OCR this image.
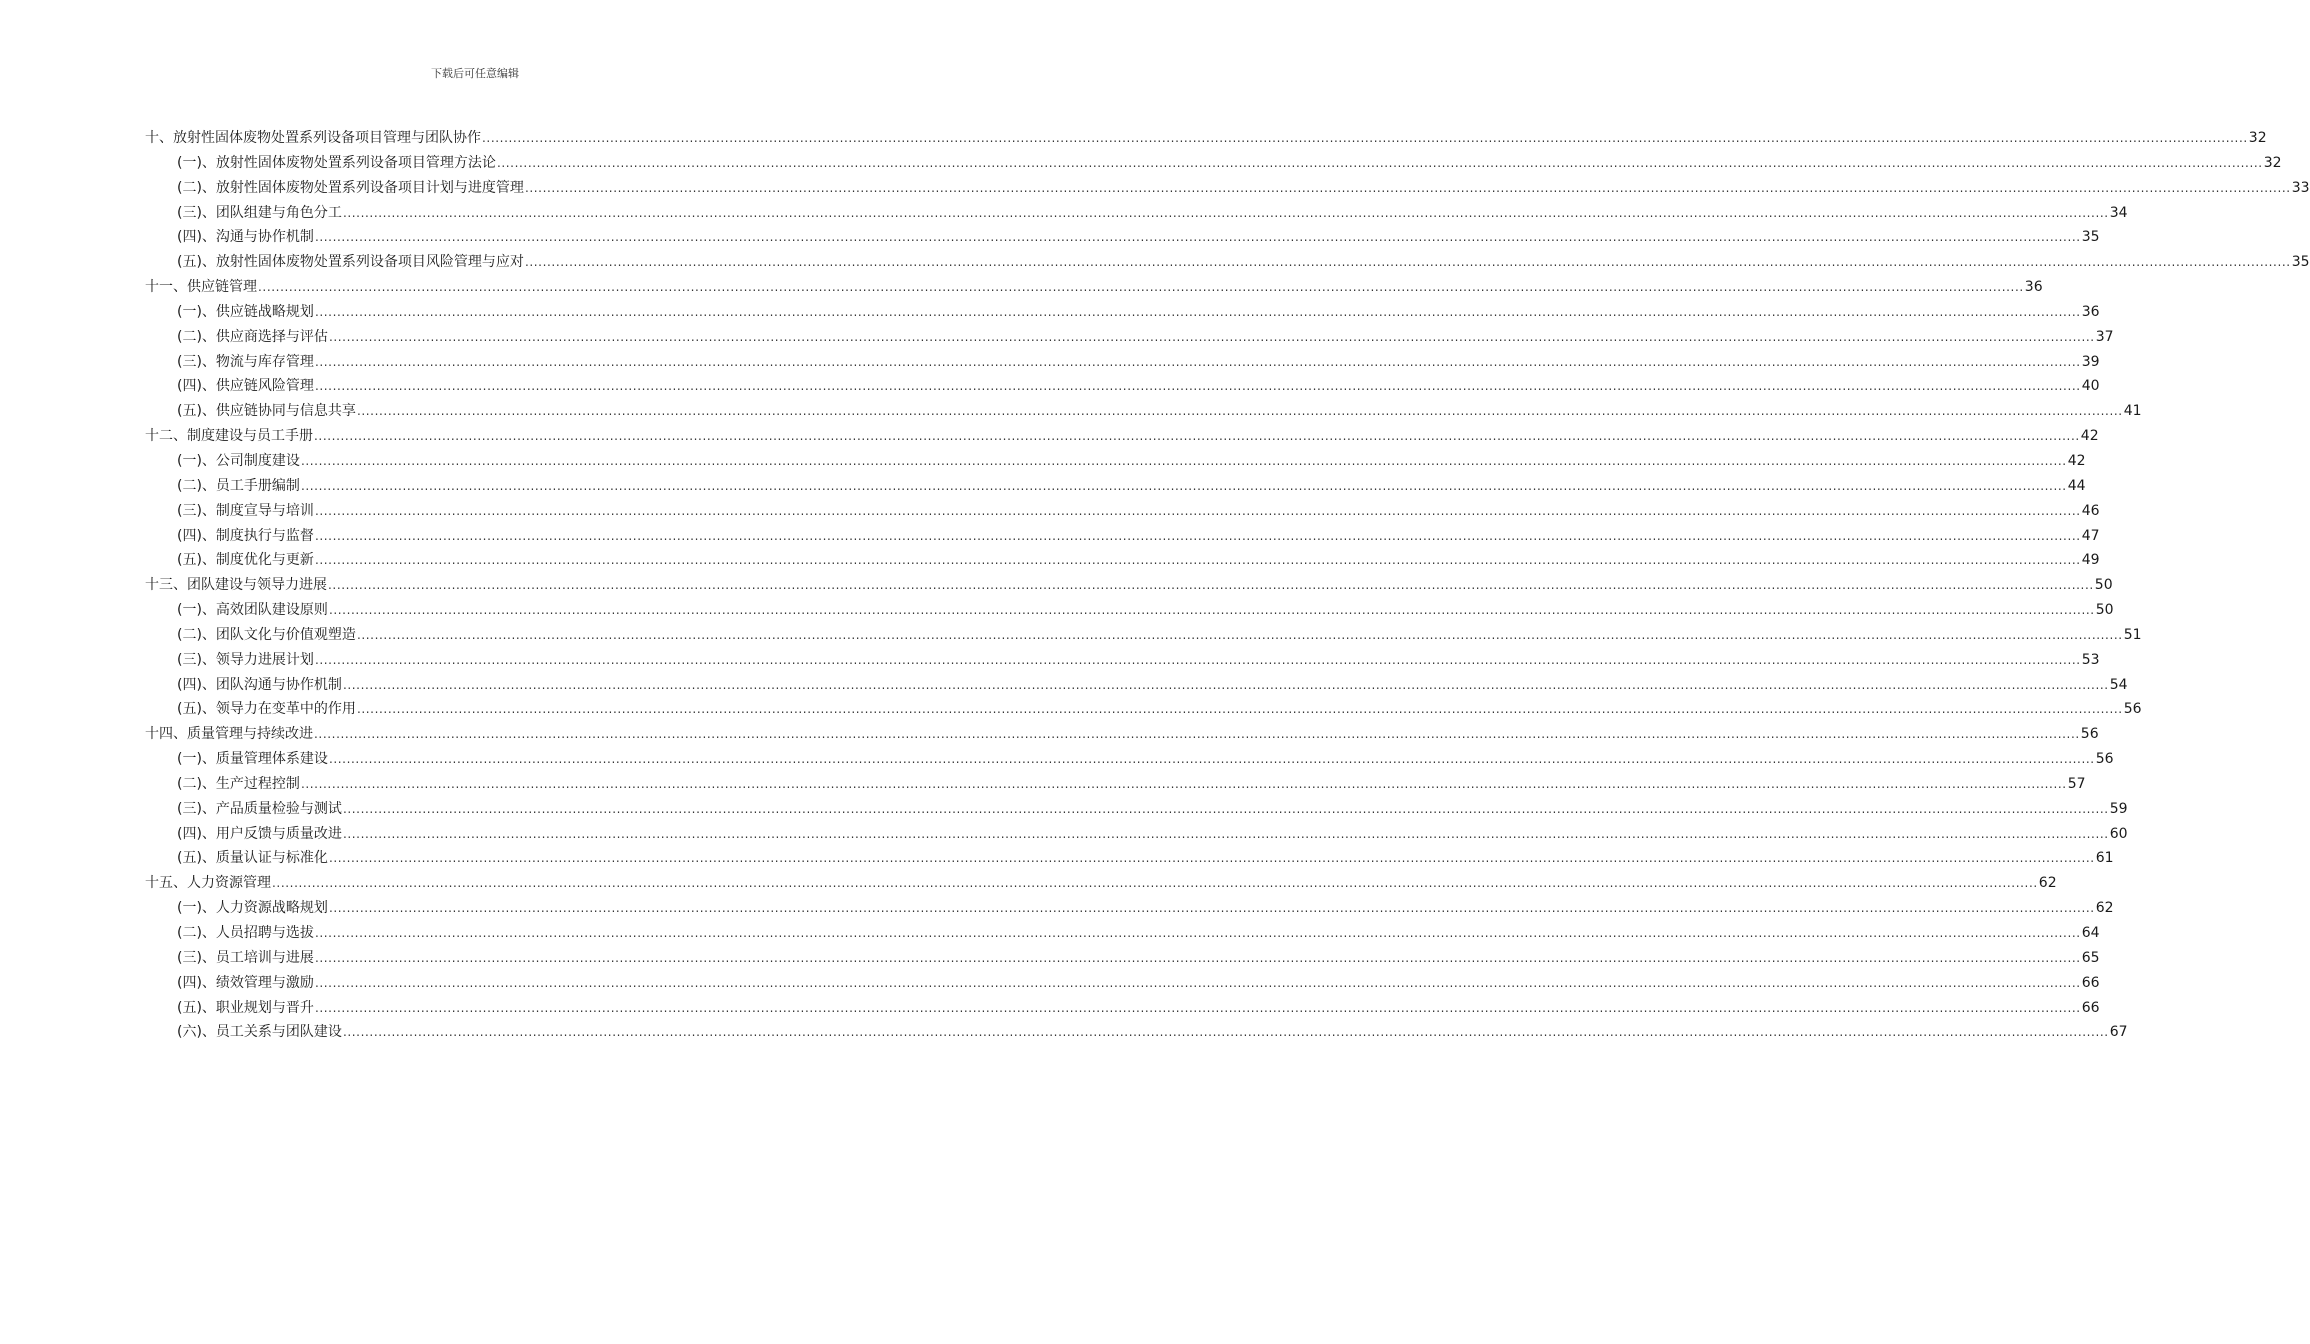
下载后可任意编辑
十、放射性固体废物处置系列设备项目管理与团队协作 ................................................................................................................................................................................................................................................................................................................................................................................................................ 32
(一)、放射性固体废物处置系列设备项目管理方法论 ................................................................................................................................................................................................................................................................................................................................................................................................................ 32
(二)、放射性固体废物处置系列设备项目计划与进度管理 ................................................................................................................................................................................................................................................................................................................................................................................................................ 33
(三)、团队组建与角色分工 ................................................................................................................................................................................................................................................................................................................................................................................................................ 34
(四)、沟通与协作机制 ................................................................................................................................................................................................................................................................................................................................................................................................................ 35
(五)、放射性固体废物处置系列设备项目风险管理与应对 ................................................................................................................................................................................................................................................................................................................................................................................................................ 35
十一、供应链管理 ................................................................................................................................................................................................................................................................................................................................................................................................................ 36
(一)、供应链战略规划 ................................................................................................................................................................................................................................................................................................................................................................................................................ 36
(二)、供应商选择与评估 ................................................................................................................................................................................................................................................................................................................................................................................................................ 37
(三)、物流与库存管理 ................................................................................................................................................................................................................................................................................................................................................................................................................ 39
(四)、供应链风险管理 ................................................................................................................................................................................................................................................................................................................................................................................................................ 40
(五)、供应链协同与信息共享 ................................................................................................................................................................................................................................................................................................................................................................................................................ 41
十二、制度建设与员工手册 ................................................................................................................................................................................................................................................................................................................................................................................................................ 42
(一)、公司制度建设 ................................................................................................................................................................................................................................................................................................................................................................................................................ 42
(二)、员工手册编制 ................................................................................................................................................................................................................................................................................................................................................................................................................ 44
(三)、制度宣导与培训 ................................................................................................................................................................................................................................................................................................................................................................................................................ 46
(四)、制度执行与监督 ................................................................................................................................................................................................................................................................................................................................................................................................................ 47
(五)、制度优化与更新 ................................................................................................................................................................................................................................................................................................................................................................................................................ 49
十三、团队建设与领导力进展 ................................................................................................................................................................................................................................................................................................................................................................................................................ 50
(一)、高效团队建设原则 ................................................................................................................................................................................................................................................................................................................................................................................................................ 50
(二)、团队文化与价值观塑造 ................................................................................................................................................................................................................................................................................................................................................................................................................ 51
(三)、领导力进展计划 ................................................................................................................................................................................................................................................................................................................................................................................................................ 53
(四)、团队沟通与协作机制 ................................................................................................................................................................................................................................................................................................................................................................................................................ 54
(五)、领导力在变革中的作用 ................................................................................................................................................................................................................................................................................................................................................................................................................ 56
十四、质量管理与持续改进 ................................................................................................................................................................................................................................................................................................................................................................................................................ 56
(一)、质量管理体系建设 ................................................................................................................................................................................................................................................................................................................................................................................................................ 56
(二)、生产过程控制 ................................................................................................................................................................................................................................................................................................................................................................................................................ 57
(三)、产品质量检验与测试 ................................................................................................................................................................................................................................................................................................................................................................................................................ 59
(四)、用户反馈与质量改进 ................................................................................................................................................................................................................................................................................................................................................................................................................ 60
(五)、质量认证与标准化 ................................................................................................................................................................................................................................................................................................................................................................................................................ 61
十五、人力资源管理 ................................................................................................................................................................................................................................................................................................................................................................................................................ 62
(一)、人力资源战略规划 ................................................................................................................................................................................................................................................................................................................................................................................................................ 62
(二)、人员招聘与选拔 ................................................................................................................................................................................................................................................................................................................................................................................................................ 64
(三)、员工培训与进展 ................................................................................................................................................................................................................................................................................................................................................................................................................ 65
(四)、绩效管理与激励 ................................................................................................................................................................................................................................................................................................................................................................................................................ 66
(五)、职业规划与晋升 ................................................................................................................................................................................................................................................................................................................................................................................................................ 66
(六)、员工关系与团队建设 ................................................................................................................................................................................................................................................................................................................................................................................................................ 67
